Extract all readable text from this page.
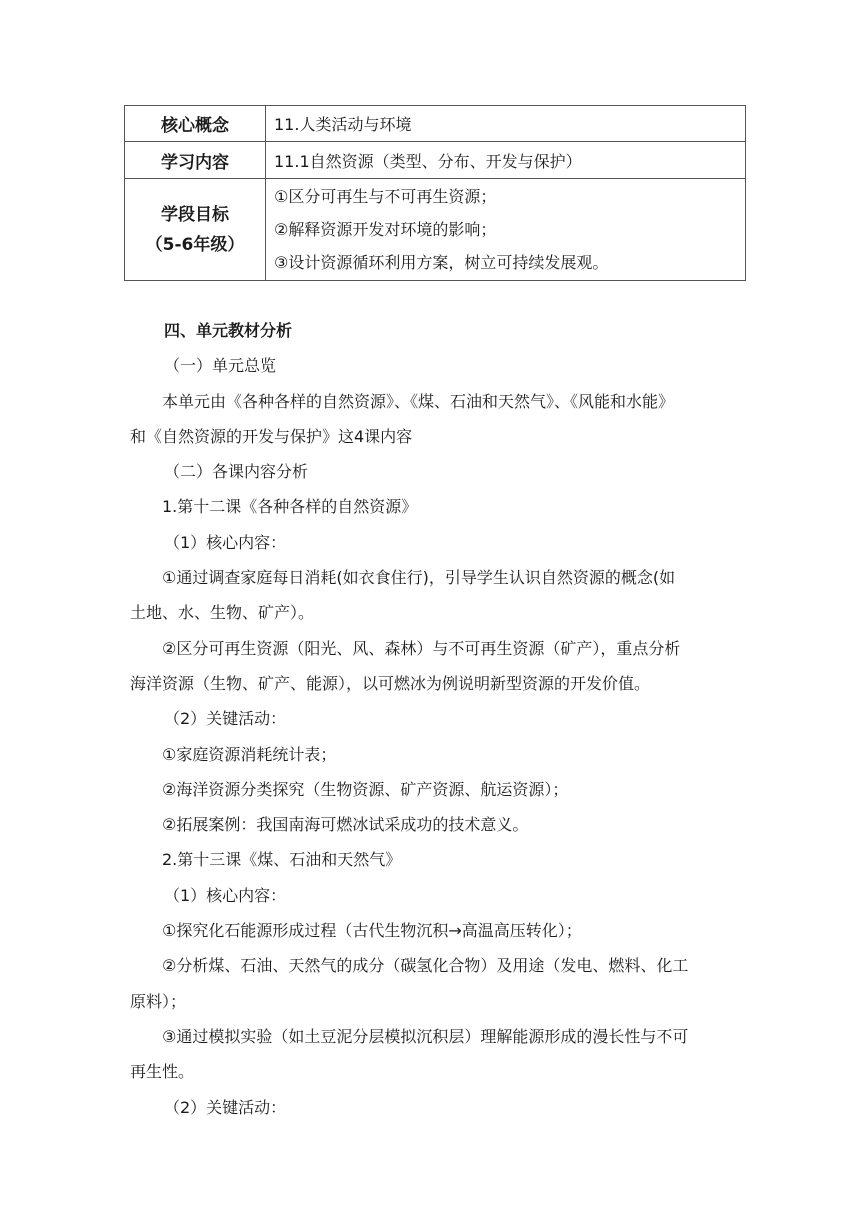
核心概念	11.人类活动与环境
学习内容	11.1自然资源（类型、分布、开发与保护）

学段目标
（5-6年级）	①区分可再生与不可再生资源；
②解释资源开发对环境的影响；
③设计资源循环利用方案，树立可持续发展观。
四、单元教材分析
（一）单元总览
本单元由《各种各样的自然资源》、《煤、石油和天然气》、《风能和水能》
和《自然资源的开发与保护》这4课内容
（二）各课内容分析
1.第十二课《各种各样的自然资源》
（1）核心内容：
①通过调查家庭每日消耗(如衣食住行)，引导学生认识自然资源的概念(如
土地、水、生物、矿产）。
②区分可再生资源（阳光、风、森林）与不可再生资源（矿产），重点分析
海洋资源（生物、矿产、能源），以可燃冰为例说明新型资源的开发价值。
（2）关键活动：
①家庭资源消耗统计表；
②海洋资源分类探究（生物资源、矿产资源、航运资源）；
②拓展案例：我国南海可燃冰试采成功的技术意义。
2.第十三课《煤、石油和天然气》
（1）核心内容：
①探究化石能源形成过程（古代生物沉积→高温高压转化）；
②分析煤、石油、天然气的成分（碳氢化合物）及用途（发电、燃料、化工
原料）；
③通过模拟实验（如土豆泥分层模拟沉积层）理解能源形成的漫长性与不可
再生性。
（2）关键活动：
